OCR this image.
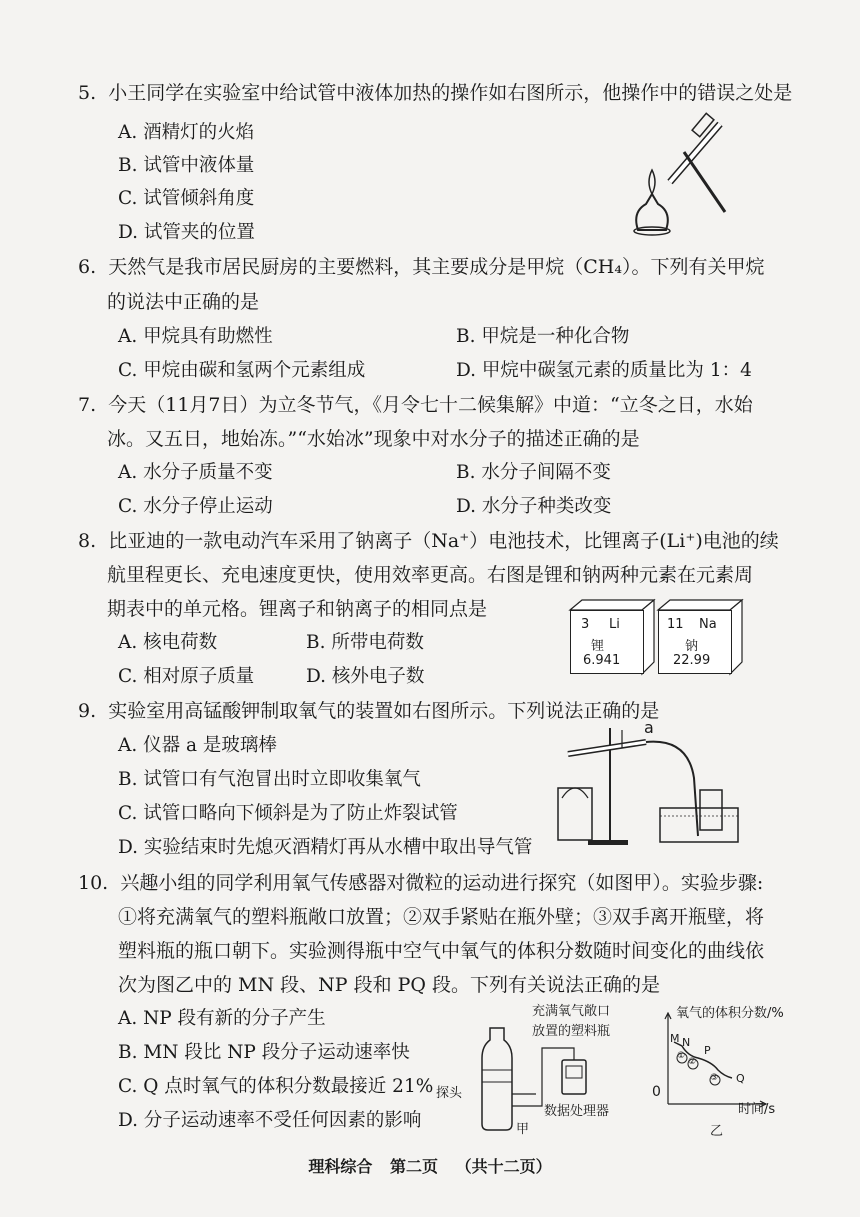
5. 小王同学在实验室中给试管中液体加热的操作如右图所示，他操作中的错误之处是
A. 酒精灯的火焰
B. 试管中液体量
C. 试管倾斜角度
D. 试管夹的位置
6. 天然气是我市居民厨房的主要燃料，其主要成分是甲烷（CH₄）。下列有关甲烷
的说法中正确的是
A. 甲烷具有助燃性	B. 甲烷是一种化合物
C. 甲烷由碳和氢两个元素组成	D. 甲烷中碳氢元素的质量比为 1：4
7. 今天（11月7日）为立冬节气，《月令七十二候集解》中道：“立冬之日，水始
冰。又五日，地始冻。”“水始冰”现象中对水分子的描述正确的是
A. 水分子质量不变	B. 水分子间隔不变
C. 水分子停止运动	D. 水分子种类改变
8. 比亚迪的一款电动汽车采用了钠离子（Na⁺）电池技术，比锂离子(Li⁺)电池的续
航里程更长、充电速度更快，使用效率更高。右图是锂和钠两种元素在元素周
期表中的单元格。锂离子和钠离子的相同点是
A. 核电荷数	B. 所带电荷数
C. 相对原子质量	D. 核外电子数
3 Li
锂
6.941
11 Na
钠
22.99
9. 实验室用高锰酸钾制取氧气的装置如右图所示。下列说法正确的是
A. 仪器 a 是玻璃棒
B. 试管口有气泡冒出时立即收集氧气
C. 试管口略向下倾斜是为了防止炸裂试管
D. 实验结束时先熄灭酒精灯再从水槽中取出导气管
a
10. 兴趣小组的同学利用氧气传感器对微粒的运动进行探究（如图甲）。实验步骤:
①将充满氧气的塑料瓶敞口放置；②双手紧贴在瓶外壁；③双手离开瓶壁，将
塑料瓶的瓶口朝下。实验测得瓶中空气中氧气的体积分数随时间变化的曲线依
次为图乙中的 MN 段、NP 段和 PQ 段。下列有关说法正确的是
A. NP 段有新的分子产生
B. MN 段比 NP 段分子运动速率快
C. Q 点时氧气的体积分数最接近 21%
D. 分子运动速率不受任何因素的影响
充满氧气敞口
放置的塑料瓶
探头
数据处理器
甲
氧气的体积分数/%
M N
P
Q
①
②
③
0
时间/s
乙
理科综合 第二页 （共十二页）
